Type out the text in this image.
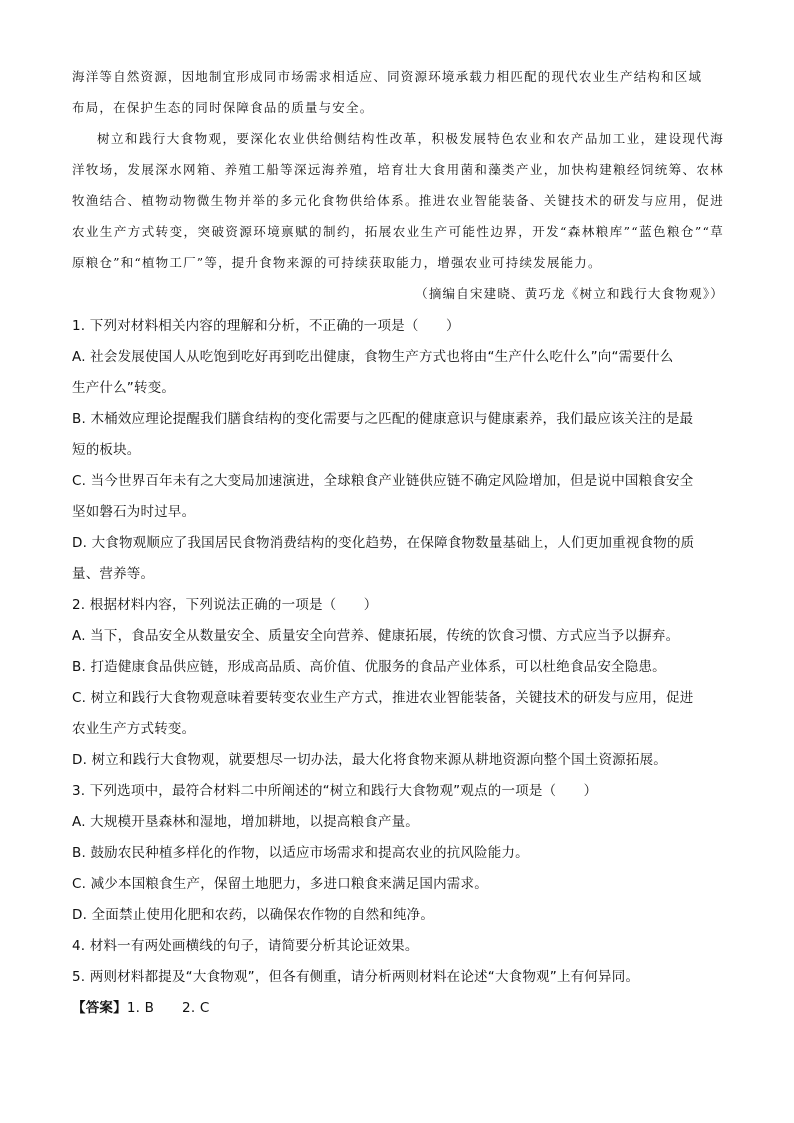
海洋等自然资源，因地制宜形成同市场需求相适应、同资源环境承载力相匹配的现代农业生产结构和区域

布局，在保护生态的同时保障食品的质量与安全。

树立和践行大食物观，要深化农业供给侧结构性改革，积极发展特色农业和农产品加工业，建设现代海洋牧场，发展深水网箱、养殖工船等深远海养殖，培育壮大食用菌和藻类产业，加快构建粮经饲统筹、农林牧渔结合、植物动物微生物并举的多元化食物供给体系。推进农业智能装备、关键技术的研发与应用，促进农业生产方式转变，突破资源环境禀赋的制约，拓展农业生产可能性边界，开发“森林粮库”“蓝色粮仓”“草原粮仓”和“植物工厂”等，提升食物来源的可持续获取能力，增强农业可持续发展能力。

（摘编自宋建晓、黄巧龙《树立和践行大食物观》）

1. 下列对材料相关内容的理解和分析，不正确的一项是（　　）

A. 社会发展使国人从吃饱到吃好再到吃出健康，食物生产方式也将由“生产什么吃什么”向“需要什么

生产什么”转变。

B. 木桶效应理论提醒我们膳食结构的变化需要与之匹配的健康意识与健康素养，我们最应该关注的是最

短的板块。

C. 当今世界百年未有之大变局加速演进，全球粮食产业链供应链不确定风险增加，但是说中国粮食安全

坚如磐石为时过早。

D. 大食物观顺应了我国居民食物消费结构的变化趋势，在保障食物数量基础上，人们更加重视食物的质

量、营养等。

2. 根据材料内容，下列说法正确的一项是（　　）

A. 当下，食品安全从数量安全、质量安全向营养、健康拓展，传统的饮食习惯、方式应当予以摒弃。

B. 打造健康食品供应链，形成高品质、高价值、优服务的食品产业体系，可以杜绝食品安全隐患。

C. 树立和践行大食物观意味着要转变农业生产方式，推进农业智能装备，关键技术的研发与应用，促进

农业生产方式转变。

D. 树立和践行大食物观，就要想尽一切办法，最大化将食物来源从耕地资源向整个国土资源拓展。

3. 下列选项中，最符合材料二中所阐述的“树立和践行大食物观”观点的一项是（　　）

A. 大规模开垦森林和湿地，增加耕地，以提高粮食产量。

B. 鼓励农民种植多样化的作物，以适应市场需求和提高农业的抗风险能力。

C. 减少本国粮食生产，保留土地肥力，多进口粮食来满足国内需求。

D. 全面禁止使用化肥和农药，以确保农作物的自然和纯净。

4. 材料一有两处画横线的句子，请简要分析其论证效果。

5. 两则材料都提及“大食物观”，但各有侧重，请分析两则材料在论述“大食物观”上有何异同。

【答案】1. B 2. C
